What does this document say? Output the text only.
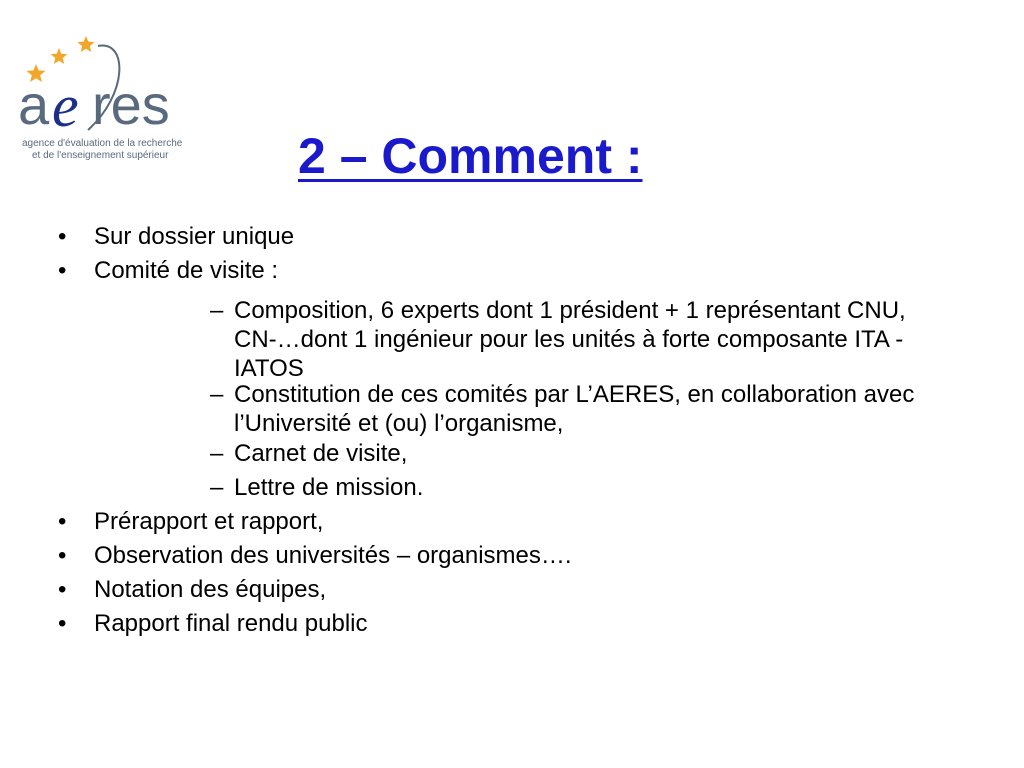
a e res
agence d'évaluation de la recherche
et de l'enseignement supérieur	2 – Comment :
• Sur dossier unique
• Comité de visite :
– Composition, 6 experts dont 1 président + 1 représentant CNU, CN-…dont 1 ingénieur pour les unités à forte composante ITA - IATOS
– Constitution de ces comités par L’AERES, en collaboration avec l’Université et (ou) l’organisme,
– Carnet de visite,
– Lettre de mission.
• Prérapport et rapport,
• Observation des universités – organismes….
• Notation des équipes,
• Rapport final rendu public
